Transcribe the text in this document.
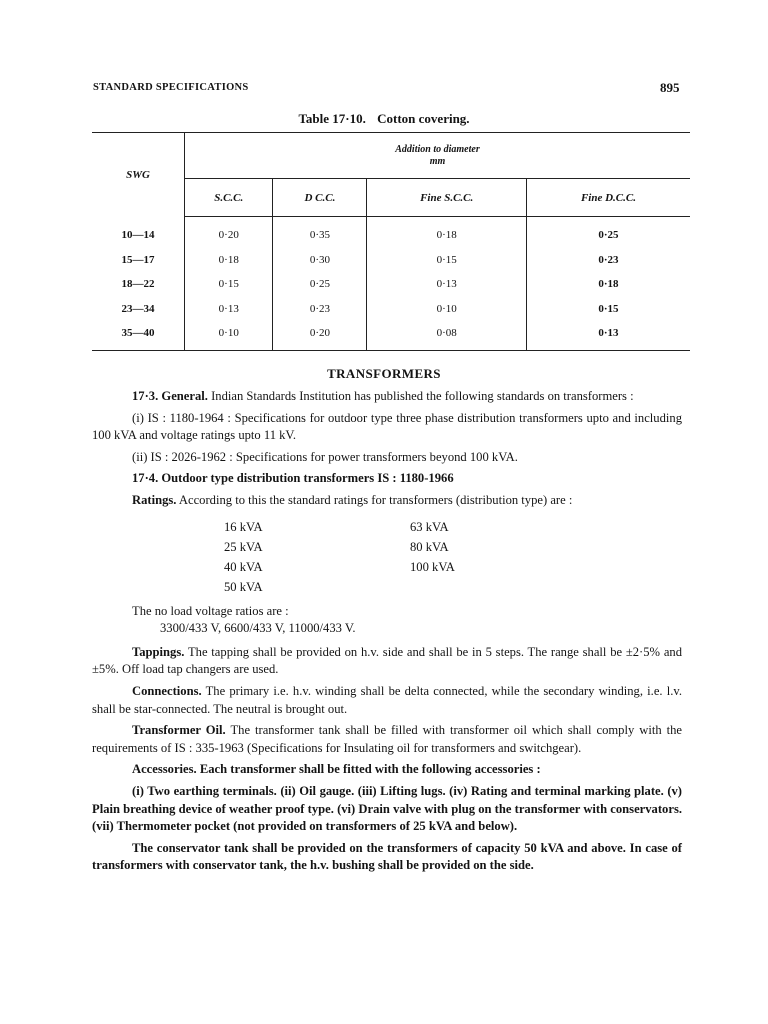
STANDARD SPECIFICATIONS	895
Table 17·10. Cotton covering.
SWG	Addition to diameter
mm			
	S.C.C.	D C.C.	Fine S.C.C.	Fine D.C.C.
10—14	0·20	0·35	0·18	0·25
15—17	0·18	0·30	0·15	0·23
18—22	0·15	0·25	0·13	0·18
23—34	0·13	0·23	0·10	0·15
35—40	0·10	0·20	0·08	0·13
TRANSFORMERS

17·3. General. Indian Standards Institution has published the following standards on transformers :

(i) IS : 1180-1964 : Specifications for outdoor type three phase distribution transformers upto and including 100 kVA and voltage ratings upto 11 kV.

(ii) IS : 2026-1962 : Specifications for power transformers beyond 100 kVA.

17·4. Outdoor type distribution transformers IS : 1180-1966

Ratings. According to this the standard ratings for transformers (distribution type) are :

16 kVA	63 kVA
25 kVA	80 kVA
40 kVA	100 kVA
50 kVA

The no load voltage ratios are :

3300/433 V, 6600/433 V, 11000/433 V.

Tappings. The tapping shall be provided on h.v. side and shall be in 5 steps. The range shall be ±2·5% and ±5%. Off load tap changers are used.

Connections. The primary i.e. h.v. winding shall be delta connected, while the secondary winding, i.e. l.v. shall be star-connected. The neutral is brought out.

Transformer Oil. The transformer tank shall be filled with transformer oil which shall comply with the requirements of IS : 335-1963 (Specifications for Insulating oil for transformers and switchgear).

Accessories. Each transformer shall be fitted with the following accessories :

(i) Two earthing terminals. (ii) Oil gauge. (iii) Lifting lugs. (iv) Rating and terminal marking plate. (v) Plain breathing device of weather proof type. (vi) Drain valve with plug on the transformer with conservators. (vii) Thermometer pocket (not provided on transformers of 25 kVA and below).

The conservator tank shall be provided on the transformers of capacity 50 kVA and above. In case of transformers with conservator tank, the h.v. bushing shall be provided on the side.
